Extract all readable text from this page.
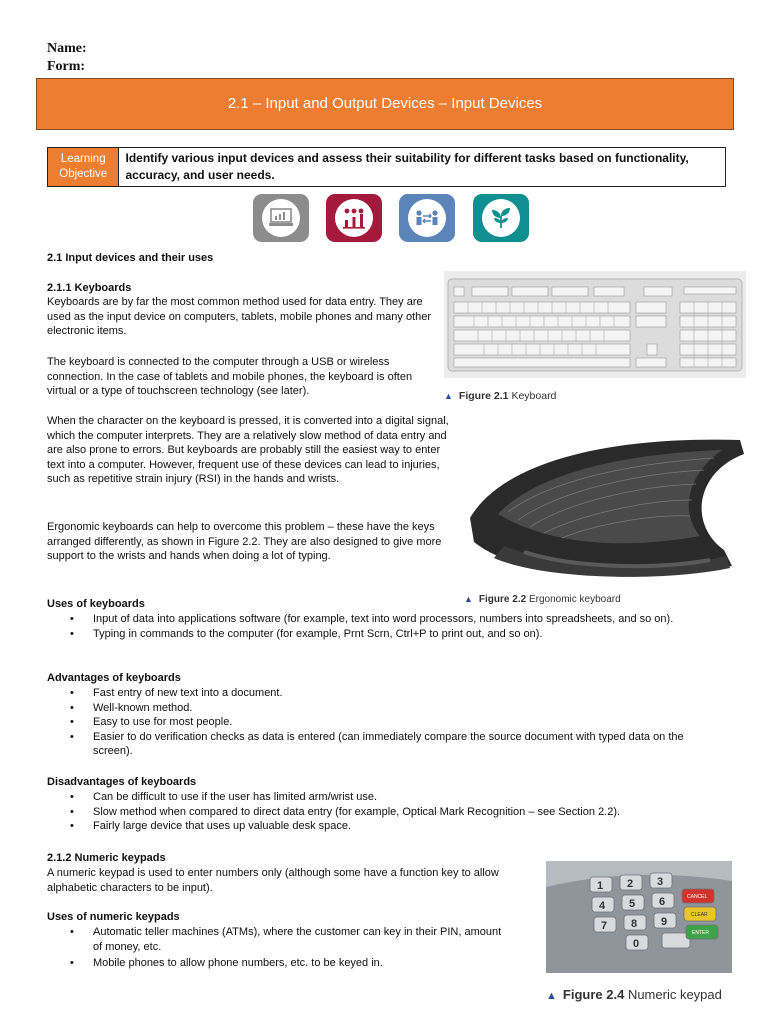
Name:
Form:
2.1 – Input and Output Devices – Input Devices
Learning
Objective
Identify various input devices and assess their suitability for different tasks based on functionality, accuracy, and user needs.
2.1 Input devices and their uses
2.1.1 Keyboards

Keyboards are by far the most common method used for data entry. They are used as the input device on computers, tablets, mobile phones and many other electronic items.

The keyboard is connected to the computer through a USB or wireless connection. In the case of tablets and mobile phones, the keyboard is often virtual or a type of touchscreen technology (see later).

When the character on the keyboard is pressed, it is converted into a digital signal, which the computer interprets. They are a relatively slow method of data entry and are also prone to errors. But keyboards are probably still the easiest way to enter text into a computer. However, frequent use of these devices can lead to injuries, such as repetitive strain injury (RSI) in the hands and wrists.

Ergonomic keyboards can help to overcome this problem – these have the keys arranged differently, as shown in Figure 2.2. They are also designed to give more support to the wrists and hands when doing a lot of typing.

▲ Figure 2.1 Keyboard
▲ Figure 2.2 Ergonomic keyboard
Uses of keyboards
• Input of data into applications software (for example, text into word processors, numbers into spreadsheets, and so on).
• Typing in commands to the computer (for example, Prnt Scrn, Ctrl+P to print out, and so on).
Advantages of keyboards
• Fast entry of new text into a document.
• Well-known method.
• Easy to use for most people.
• Easier to do verification checks as data is entered (can immediately compare the source document with typed data on the screen).
Disadvantages of keyboards
• Can be difficult to use if the user has limited arm/wrist use.
• Slow method when compared to direct data entry (for example, Optical Mark Recognition – see Section 2.2).
• Fairly large device that uses up valuable desk space.
2.1.2 Numeric keypads

A numeric keypad is used to enter numbers only (although some have a function key to allow alphabetic characters to be input).

Uses of numeric keypads
• Automatic teller machines (ATMs), where the customer can key in their PIN, amount of money, etc.
• Mobile phones to allow phone numbers, etc. to be keyed in.
1 2 3
4 5 6
7 8 9
0
CANCEL
CLEAR
ENTER
▲ Figure 2.4 Numeric keypad
